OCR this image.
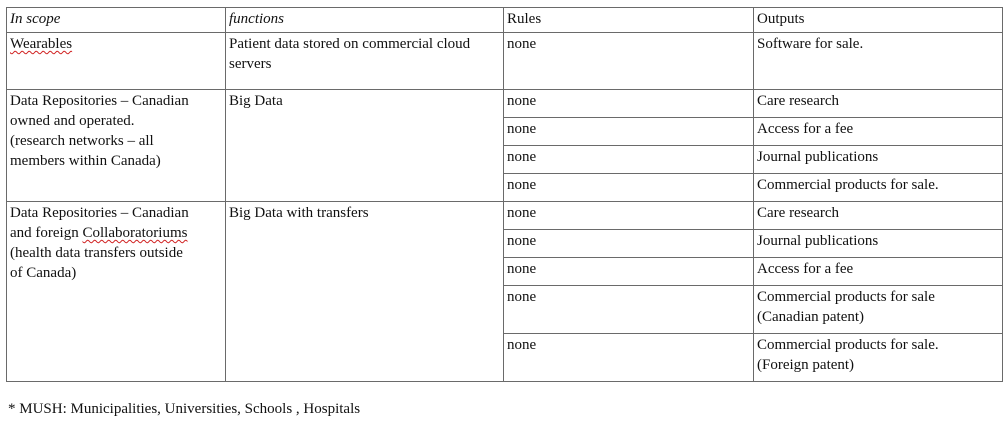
In scope	functions	Rules	Outputs
Wearables	Patient data stored on commercial cloud servers	none	Software for sale.

Data Repositories – Canadian
owned and operated.
(research networks – all
members within Canada)	Big Data	none	Care research
		none	Access for a fee
		none	Journal publications
		none	Commercial products for sale.

Data Repositories – Canadian
and foreign Collaboratoriums
(health data transfers outside
of Canada)	Big Data with transfers	none	Care research
		none	Journal publications
		none	Access for a fee
		none	Commercial products for sale
(Canadian patent)

		none	Commercial products for sale.
(Foreign patent)
* MUSH: Municipalities, Universities, Schools , Hospitals
